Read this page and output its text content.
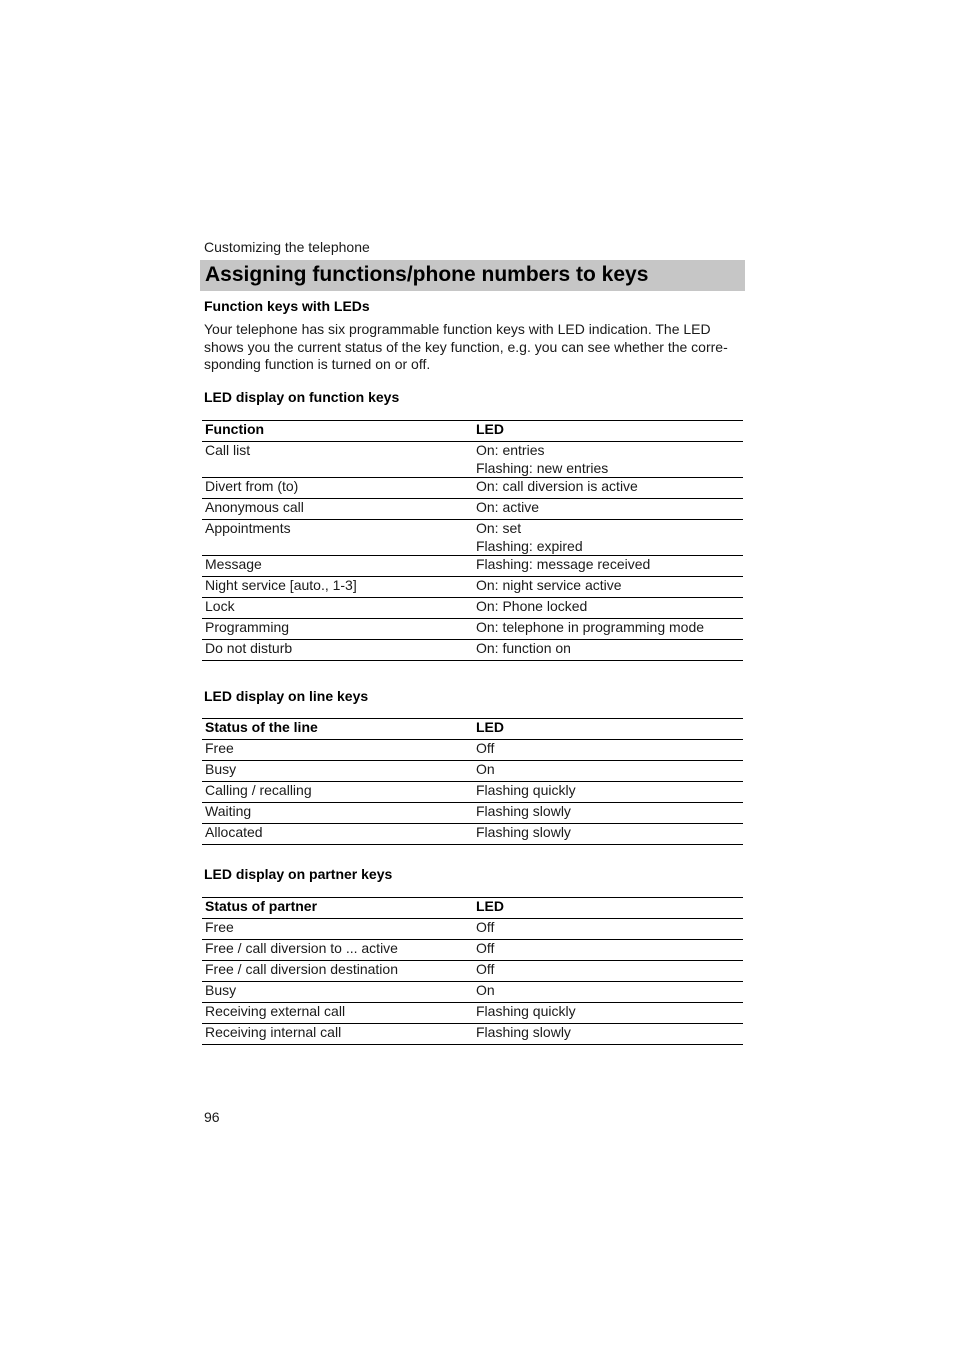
Customizing the telephone
Assigning functions/phone numbers to keys
Function keys with LEDs
Your telephone has six programmable function keys with LED indication. The LED
shows you the current status of the key function, e.g. you can see whether the corre-
sponding function is turned on or off.
LED display on function keys
Function	LED
Call list	On: entries
Flashing: new entries

Divert from (to)	On: call diversion is active

Anonymous call	On: active

Appointments	On: set
Flashing: expired

Message	Flashing: message received

Night service [auto., 1-3]	On: night service active

Lock	On: Phone locked

Programming	On: telephone in programming mode

Do not disturb	On: function on
LED display on line keys
Status of the line	LED
Free	Off

Busy	On

Calling / recalling	Flashing quickly

Waiting	Flashing slowly

Allocated	Flashing slowly
LED display on partner keys
Status of partner	LED
Free	Off

Free / call diversion to ... active	Off

Free / call diversion destination	Off

Busy	On

Receiving external call	Flashing quickly

Receiving internal call	Flashing slowly
96
